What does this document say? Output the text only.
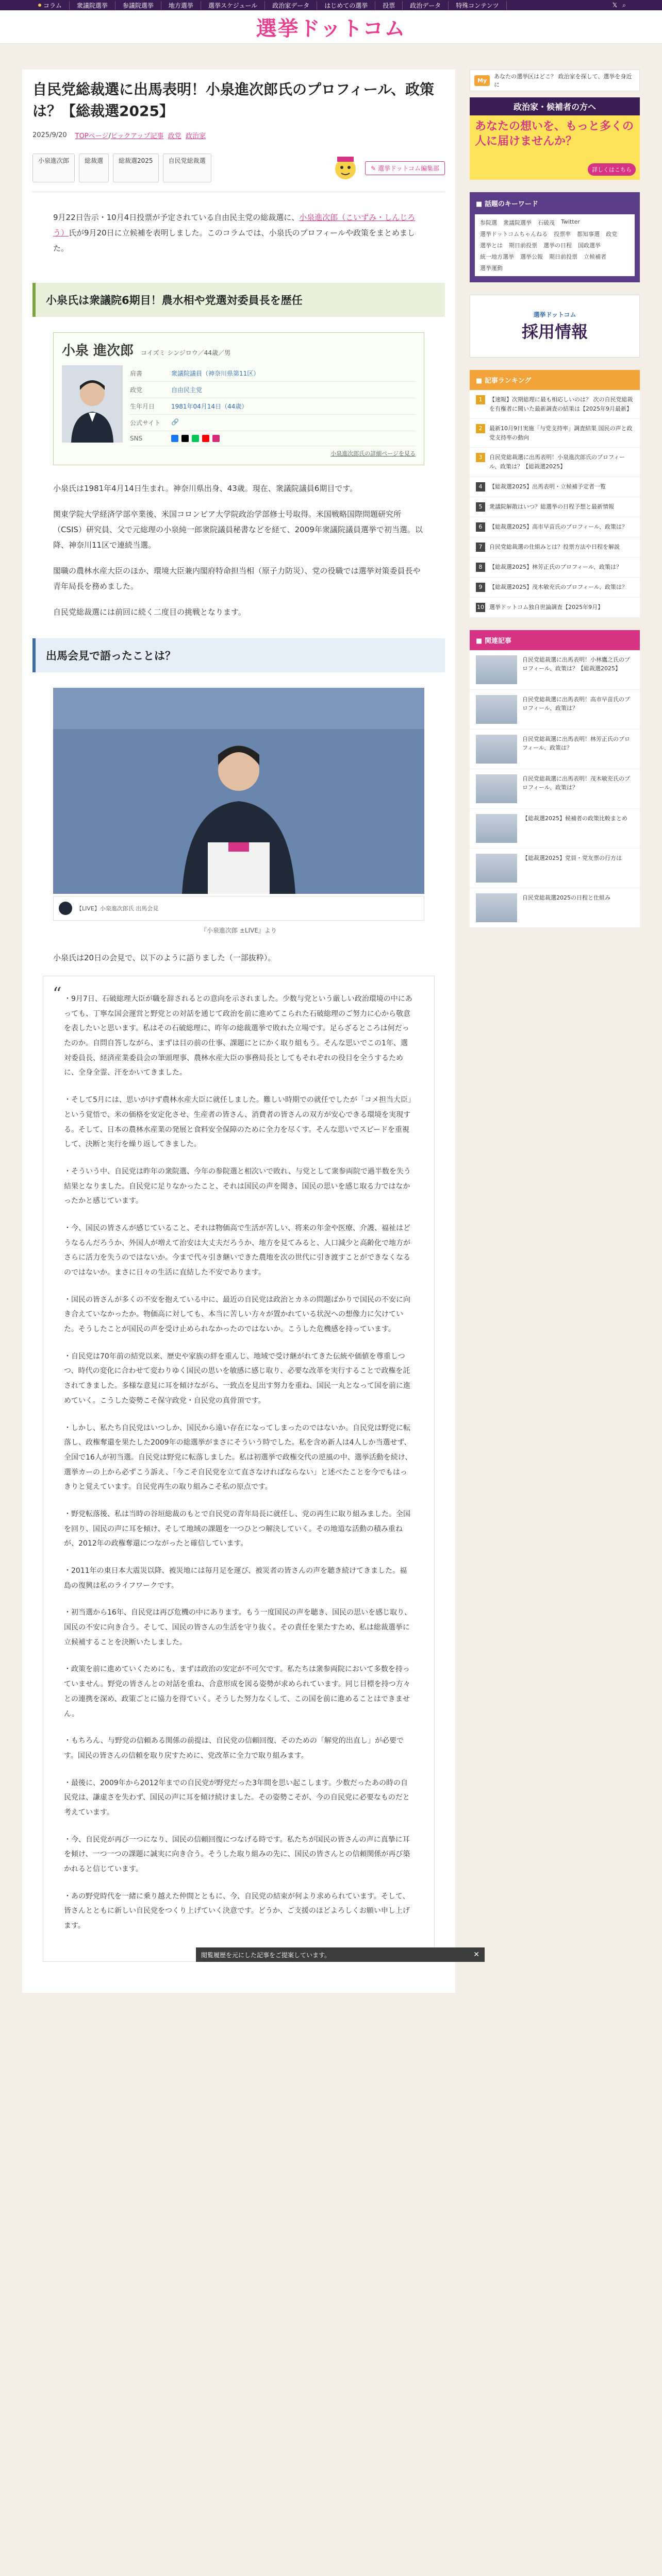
コラム 衆議院選挙 参議院選挙 地方選挙 選挙スケジュール 政治家データ はじめての選挙 投票 政治データ 特殊コンテンツ	𝕏 ⌕
選挙ドットコム
自民党総裁選に出馬表明！小泉進次郎氏のプロフィール、政策は？【総裁選2025】
2025/9/20 TOPページ/ピックアップ記事 政党 政治家
小泉進次郎	総裁選	総裁選2025	自民党総裁選
✎ 選挙ドットコム編集部
9月22日告示・10月4日投票が予定されている自由民主党の総裁選に、小泉進次郎（こいずみ・しんじろう）氏が9月20日に立候補を表明しました。このコラムでは、小泉氏のプロフィールや政策をまとめました。
小泉氏は衆議院6期目！農水相や党選対委員長を歴任
小泉 進次郎 コイズミ シンジロウ／44歳／男
肩書	衆議院議員（神奈川県第11区）
政党	自由民主党
生年月日	1981年04月14日（44歳）
公式サイト	🔗
SNS
小泉進次郎氏の詳細ページを見る

小泉氏は1981年4月14日生まれ。神奈川県出身、43歳。現在、衆議院議員6期目です。

関東学院大学経済学部卒業後、米国コロンビア大学院政治学部修士号取得。米国戦略国際問題研究所（CSIS）研究員、父で元総理の小泉純一郎衆院議員秘書などを経て、2009年衆議院議員選挙で初当選。以降、神奈川11区で連続当選。

閣職の農林水産大臣のほか、環境大臣兼内閣府特命担当相（原子力防災）、党の役職では選挙対策委員長や青年局長を務めました。

自民党総裁選には前回に続く二度目の挑戦となります。

出馬会見で語ったことは？
【LIVE】小泉進次郎氏 出馬会見
『小泉進次郎 ±LIVE』より

小泉氏は20日の会見で、以下のように語りました（一部抜粋）。

“ ・9月7日、石破総理大臣が職を辞されるとの意向を示されました。少数与党という厳しい政治環境の中にあっても、丁寧な国会運営と野党との対話を通じて政治を前に進めてこられた石破総理のご努力に心から敬意を表したいと思います。私はその石破総理に、昨年の総裁選挙で敗れた立場です。足らざるところは何だったのか。自問自答しながら、まずは目の前の仕事、課題にとにかく取り組もう。そんな思いでこの1年、選対委員長、経済産業委員会の筆頭理事、農林水産大臣の事務局長としてもそれぞれの役目を全うするために、全身全霊、汗をかいてきました。

・そして5月には、思いがけず農林水産大臣に就任しました。難しい時期での就任でしたが「コメ担当大臣」という覚悟で、米の価格を安定化させ、生産者の皆さん、消費者の皆さんの双方が安心できる環境を実現する。そして、日本の農林水産業の発展と食料安全保障のために全力を尽くす。そんな思いでスピードを重視して、決断と実行を繰り返してきました。

・そういう中、自民党は昨年の衆院選、今年の参院選と相次いで敗れ、与党として衆参両院で過半数を失う結果となりました。自民党に足りなかったこと、それは国民の声を聞き、国民の思いを感じ取る力ではなかったかと感じています。

・今、国民の皆さんが感じていること、それは物価高で生活が苦しい、将来の年金や医療、介護、福祉はどうなるんだろうか、外国人が増えて治安は大丈夫だろうか、地方を見てみると、人口減少と高齢化で地方がさらに活力を失うのではないか。今まで代々引き継いできた農地を次の世代に引き渡すことができなくなるのではないか。まさに日々の生活に直結した不安であります。

・国民の皆さんが多くの不安を抱えている中に、最近の自民党は政治とカネの問題ばかりで国民の不安に向き合えていなかったか。物価高に対しても、本当に苦しい方々が置かれている状況への想像力に欠けていた。そうしたことが国民の声を受け止められなかったのではないか。こうした危機感を持っています。

・自民党は70年前の結党以来、歴史や家族の絆を重んじ、地域で受け継がれてきた伝統や価値を尊重しつつ、時代の変化に合わせて変わりゆく国民の思いを敏感に感じ取り、必要な改革を実行することで政権を託されてきました。多様な意見に耳を傾けながら、一致点を見出す努力を重ね、国民一丸となって国を前に進めていく。こうした姿勢こそ保守政党・自民党の真骨頂です。

・しかし、私たち自民党はいつしか、国民から遠い存在になってしまったのではないか。自民党は野党に転落し、政権奪還を果たした2009年の総選挙がまさにそういう時でした。私を含め新人は4人しか当選せず、全国で16人が初当選。自民党は野党に転落しました。私は初選挙で政権交代の逆風の中、選挙活動を続け、選挙カーの上から必ずこう訴え、「今こそ自民党を立て直さなければならない」と述べたことを今でもはっきりと覚えています。自民党再生の取り組みこそ私の原点です。

・野党転落後、私は当時の谷垣総裁のもとで自民党の青年局長に就任し、党の再生に取り組みました。全国を回り、国民の声に耳を傾け、そして地域の課題を一つひとつ解決していく。その地道な活動の積み重ねが、2012年の政権奪還につながったと確信しています。

・2011年の東日本大震災以降、被災地には毎月足を運び、被災者の皆さんの声を聴き続けてきました。福島の復興は私のライフワークです。

・初当選から16年、自民党は再び危機の中にあります。もう一度国民の声を聴き、国民の思いを感じ取り、国民の不安に向き合う。そして、国民の皆さんの生活を守り抜く。その責任を果たすため、私は総裁選挙に立候補することを決断いたしました。

・政策を前に進めていくためにも、まずは政治の安定が不可欠です。私たちは衆参両院において多数を持っていません。野党の皆さんとの対話を重ね、合意形成を図る姿勢が求められています。同じ目標を持つ方々との連携を深め、政策ごとに協力を得ていく。そうした努力なくして、この国を前に進めることはできません。

・もちろん、与野党の信頼ある関係の前提は、自民党の信頼回復、そのための「解党的出直し」が必要です。国民の皆さんの信頼を取り戻すために、党改革に全力で取り組みます。

・最後に、2009年から2012年までの自民党が野党だった3年間を思い起こします。少数だったあの時の自民党は、謙虚さを失わず、国民の声に耳を傾け続けました。その姿勢こそが、今の自民党に必要なものだと考えています。

・今、自民党が再び一つになり、国民の信頼回復につなげる時です。私たちが国民の皆さんの声に真摯に耳を傾け、一つ一つの課題に誠実に向き合う。そうした取り組みの先に、国民の皆さんとの信頼関係が再び築かれると信じています。

・あの野党時代を一緒に乗り越えた仲間とともに、今、自民党の結束が何より求められています。そして、皆さんとともに新しい自民党をつくり上げていく決意です。どうか、ご支援のほどよろしくお願い申し上げます。

My
あなたの選挙区はどこ？ 政治家を探して、選挙を身近に
政治家・候補者の方へ
あなたの想いを、もっと多くの人に届けませんか？
詳しくはこちら
■ 話題のキーワード
参院選 衆議院選挙 石破茂 Twitter
選挙ドットコムちゃんねる 投票率 都知事選 政党
選挙とは 期日前投票 選挙の日程 国政選挙
統一地方選挙 選挙公報 期日前投票 立候補者
選挙運動
選挙ドットコム
採用情報
■ 記事ランキング
1	【速報】次期総理に最も相応しいのは？ 次の自民党総裁を有権者に聞いた最新調査の結果は【2025年9月最新】
2	最新10月9日実施「与党支持率」調査結果 国民の声と政党支持率の動向
3	自民党総裁選に出馬表明！小泉進次郎氏のプロフィール、政策は？【総裁選2025】
4	【総裁選2025】出馬表明・立候補予定者一覧
5	衆議院解散はいつ？総選挙の日程予想と最新情報
6	【総裁選2025】高市早苗氏のプロフィール、政策は？
7	自民党総裁選の仕組みとは？投票方法や日程を解説
8	【総裁選2025】林芳正氏のプロフィール、政策は？
9	【総裁選2025】茂木敏充氏のプロフィール、政策は？
10 選挙ドットコム独自世論調査【2025年9月】
■ 関連記事
自民党総裁選に出馬表明！小林鷹之氏のプロフィール、政策は？【総裁選2025】
自民党総裁選に出馬表明！高市早苗氏のプロフィール、政策は？
自民党総裁選に出馬表明！林芳正氏のプロフィール、政策は？
自民党総裁選に出馬表明！茂木敏充氏のプロフィール、政策は？
【総裁選2025】候補者の政策比較まとめ
【総裁選2025】党員・党友票の行方は
自民党総裁選2025の日程と仕組み
閲覧履歴を元にした記事をご提案しています。	✕
